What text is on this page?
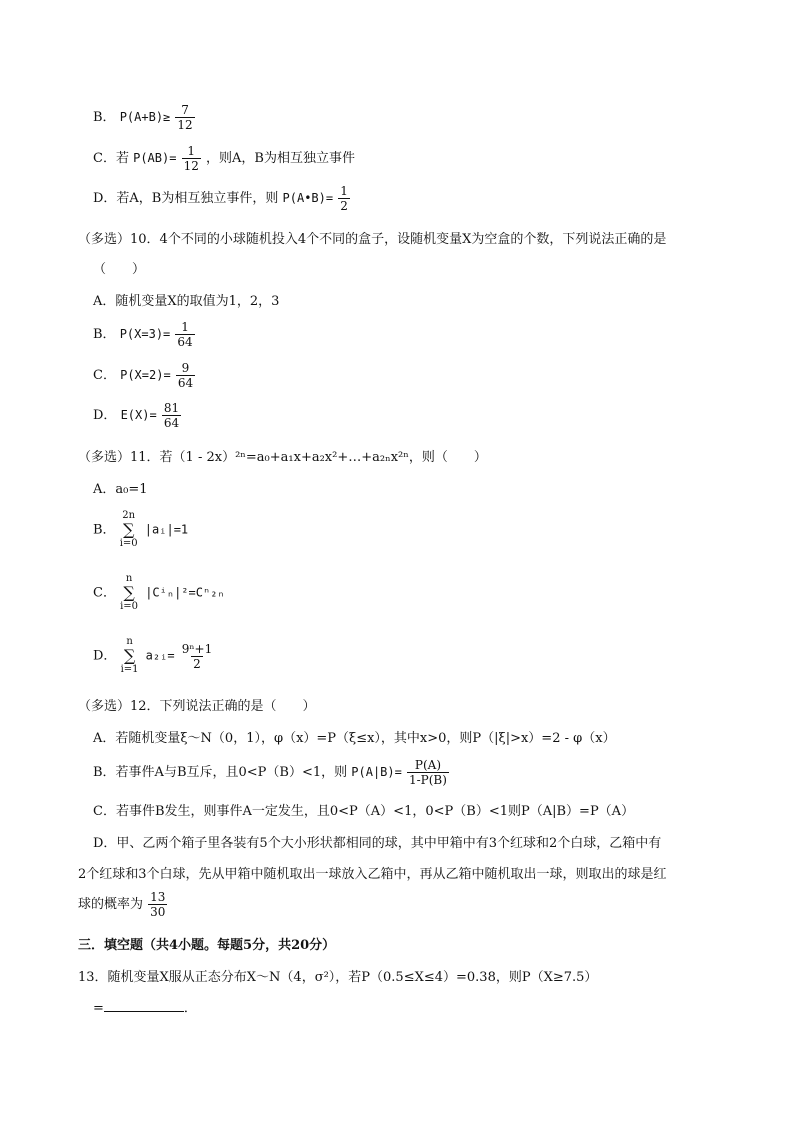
B． $P(A+B)\ge \frac{7}{12}$
C．若 $P(AB)= \frac{1}{12}$ ，则A，B为相互独立事件
D．若A，B为相互独立事件，则 P(A•B)= $\frac{1}{2}$
（多选）10．4个不同的小球随机投入4个不同的盒子，设随机变量X为空盒的个数，下列说法正确的是
（　　）
A．随机变量X的取值为1，2，3
B． $P(X=3)= \frac{1}{64}$
C． $P(X=2)= \frac{9}{64}$
D． $E(X)= \frac{81}{64}$
（多选）11．若（1 - 2x）²ⁿ=a₀+a₁x+a₂x²+…+a₂ₙx²ⁿ，则（　　）
A．a₀=1
B．
2n
∑
i=0
|aᵢ|=1
C．
n
∑
i=0
|Cⁱₙ|²=Cⁿ₂ₙ
D．
n
∑
i=1
a₂ᵢ= $\frac{\text{9ⁿ+1}}{2}$
（多选）12．下列说法正确的是（　　）
A．若随机变量ξ～N（0，1），φ（x）=P（ξ≤x），其中x>0，则P（|ξ|>x）=2 - φ（x）
B．若事件A与B互斥，且0<P（B）<1，则 $P(A|B)= \frac{P(A)}{1-P(B)}$
C．若事件B发生，则事件A一定发生，且0<P（A）<1，0<P（B）<1则P（A|B）=P（A）
D．甲、乙两个箱子里各装有5个大小形状都相同的球，其中甲箱中有3个红球和2个白球，乙箱中有
2个红球和3个白球，先从甲箱中随机取出一球放入乙箱中，再从乙箱中随机取出一球，则取出的球是红
球的概率为 $\frac{13}{30}$
三．填空题（共4小题。每题5分，共20分）
13．随机变量X服从正态分布X～N（4，σ²），若P（0.5≤X≤4）=0.38，则P（X≥7.5）
=	．
